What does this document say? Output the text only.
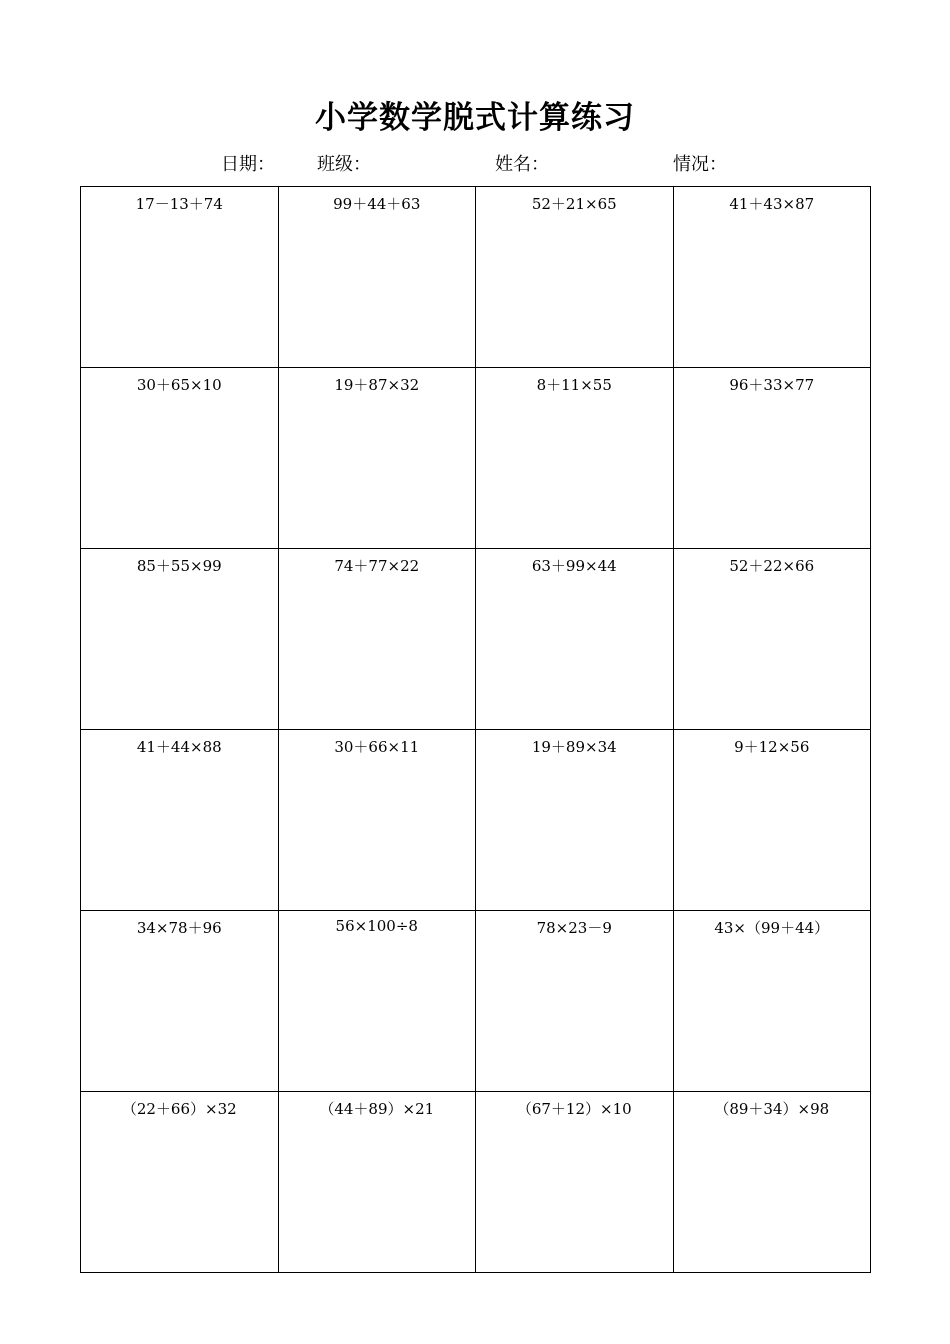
小学数学脱式计算练习
日期： 班级：	姓名：	情况：
17－13＋74	99＋44＋63	52＋21×65	41＋43×87
30＋65×10	19＋87×32	8＋11×55	96＋33×77
85＋55×99	74＋77×22	63＋99×44	52＋22×66
41＋44×88	30＋66×11	19＋89×34	9＋12×56
34×78＋96	56×100÷8	78×23－9	43×（99＋44）
（22＋66）×32	（44＋89）×21	（67＋12）×10	（89＋34）×98
